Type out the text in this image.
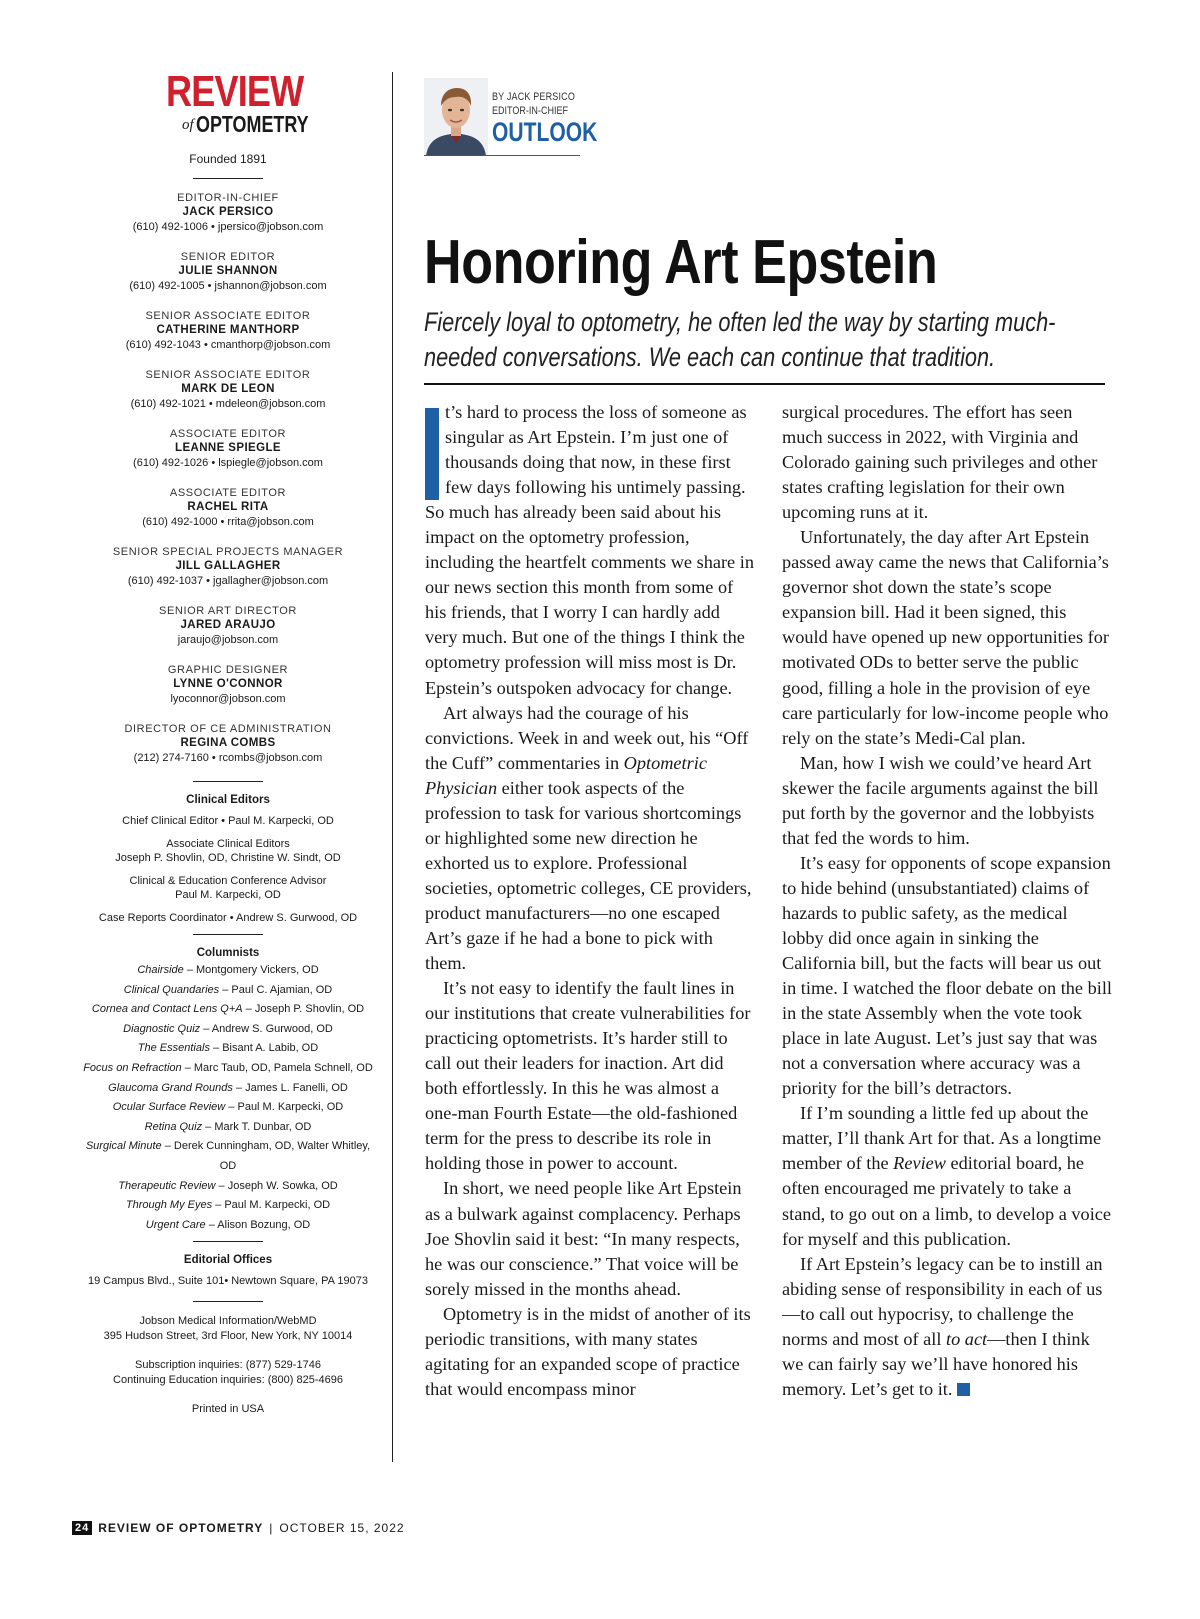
REVIEW
of OPTOMETRY
Founded 1891
EDITOR-IN-CHIEF
JACK PERSICO
(610) 492-1006 • jpersico@jobson.com
SENIOR EDITOR
JULIE SHANNON
(610) 492-1005 • jshannon@jobson.com
SENIOR ASSOCIATE EDITOR
CATHERINE MANTHORP
(610) 492-1043 • cmanthorp@jobson.com
SENIOR ASSOCIATE EDITOR
MARK DE LEON
(610) 492-1021 • mdeleon@jobson.com
ASSOCIATE EDITOR
LEANNE SPIEGLE
(610) 492-1026 • lspiegle@jobson.com
ASSOCIATE EDITOR
RACHEL RITA
(610) 492-1000 • rrita@jobson.com
SENIOR SPECIAL PROJECTS MANAGER
JILL GALLAGHER
(610) 492-1037 • jgallagher@jobson.com
SENIOR ART DIRECTOR
JARED ARAUJO
jaraujo@jobson.com
GRAPHIC DESIGNER
LYNNE O'CONNOR
lyoconnor@jobson.com
DIRECTOR OF CE ADMINISTRATION
REGINA COMBS
(212) 274-7160 • rcombs@jobson.com
Clinical Editors
Chief Clinical Editor • Paul M. Karpecki, OD
Associate Clinical Editors
Joseph P. Shovlin, OD, Christine W. Sindt, OD
Clinical & Education Conference Advisor
Paul M. Karpecki, OD
Case Reports Coordinator • Andrew S. Gurwood, OD
Columnists
Chairside – Montgomery Vickers, OD
Clinical Quandaries – Paul C. Ajamian, OD
Cornea and Contact Lens Q+A – Joseph P. Shovlin, OD
Diagnostic Quiz – Andrew S. Gurwood, OD
The Essentials – Bisant A. Labib, OD
Focus on Refraction – Marc Taub, OD, Pamela Schnell, OD
Glaucoma Grand Rounds – James L. Fanelli, OD
Ocular Surface Review – Paul M. Karpecki, OD
Retina Quiz – Mark T. Dunbar, OD
Surgical Minute – Derek Cunningham, OD, Walter Whitley, OD
Therapeutic Review – Joseph W. Sowka, OD
Through My Eyes – Paul M. Karpecki, OD
Urgent Care – Alison Bozung, OD
Editorial Offices
19 Campus Blvd., Suite 101• Newtown Square, PA 19073
Jobson Medical Information/WebMD
395 Hudson Street, 3rd Floor, New York, NY 10014
Subscription inquiries: (877) 529-1746
Continuing Education inquiries: (800) 825-4696
Printed in USA
BY JACK PERSICO
EDITOR-IN-CHIEF
OUTLOOK
Honoring Art Epstein

Fiercely loyal to optometry, he often led the way by starting much-needed conversations. We each can continue that tradition.

t’s hard to process the loss of someone as singular as Art Epstein. I’m just one of thousands doing that now, in these first few days following his untimely passing. So much has already been said about his impact on the optometry profession, including the heartfelt comments we share in our news section this month from some of his friends, that I worry I can hardly add very much. But one of the things I think the optometry profession will miss most is Dr. Epstein’s outspoken advocacy for change.

Art always had the courage of his convictions. Week in and week out, his “Off the Cuff” commentaries in Optometric Physician either took aspects of the profession to task for various shortcomings or highlighted some new direction he exhorted us to explore. Professional societies, optometric colleges, CE providers, product manufacturers—no one escaped Art’s gaze if he had a bone to pick with them.

It’s not easy to identify the fault lines in our institutions that create vulnerabilities for practicing optometrists. It’s harder still to call out their leaders for inaction. Art did both effortlessly. In this he was almost a one-man Fourth Estate—the old-fashioned term for the press to describe its role in holding those in power to account.

In short, we need people like Art Epstein as a bulwark against complacency. Perhaps Joe Shovlin said it best: “In many respects, he was our conscience.” That voice will be sorely missed in the months ahead.

Optometry is in the midst of another of its periodic transitions, with many states agitating for an expanded scope of practice that would encompass minor

surgical procedures. The effort has seen much success in 2022, with Virginia and Colorado gaining such privileges and other states crafting legislation for their own upcoming runs at it.

Unfortunately, the day after Art Epstein passed away came the news that California’s governor shot down the state’s scope expansion bill. Had it been signed, this would have opened up new opportunities for motivated ODs to better serve the public good, filling a hole in the provision of eye care particularly for low-income people who rely on the state’s Medi-Cal plan.

Man, how I wish we could’ve heard Art skewer the facile arguments against the bill put forth by the governor and the lobbyists that fed the words to him.

It’s easy for opponents of scope expansion to hide behind (unsubstantiated) claims of hazards to public safety, as the medical lobby did once again in sinking the California bill, but the facts will bear us out in time. I watched the floor debate on the bill in the state Assembly when the vote took place in late August. Let’s just say that was not a conversation where accuracy was a priority for the bill’s detractors.

If I’m sounding a little fed up about the matter, I’ll thank Art for that. As a longtime member of the Review editorial board, he often encouraged me privately to take a stand, to go out on a limb, to develop a voice for myself and this publication.

If Art Epstein’s legacy can be to instill an abiding sense of responsibility in each of us—to call out hypocrisy, to challenge the norms and most of all to act—then I think we can fairly say we’ll have honored his memory. Let’s get to it.

24 REVIEW OF OPTOMETRY | OCTOBER 15, 2022
